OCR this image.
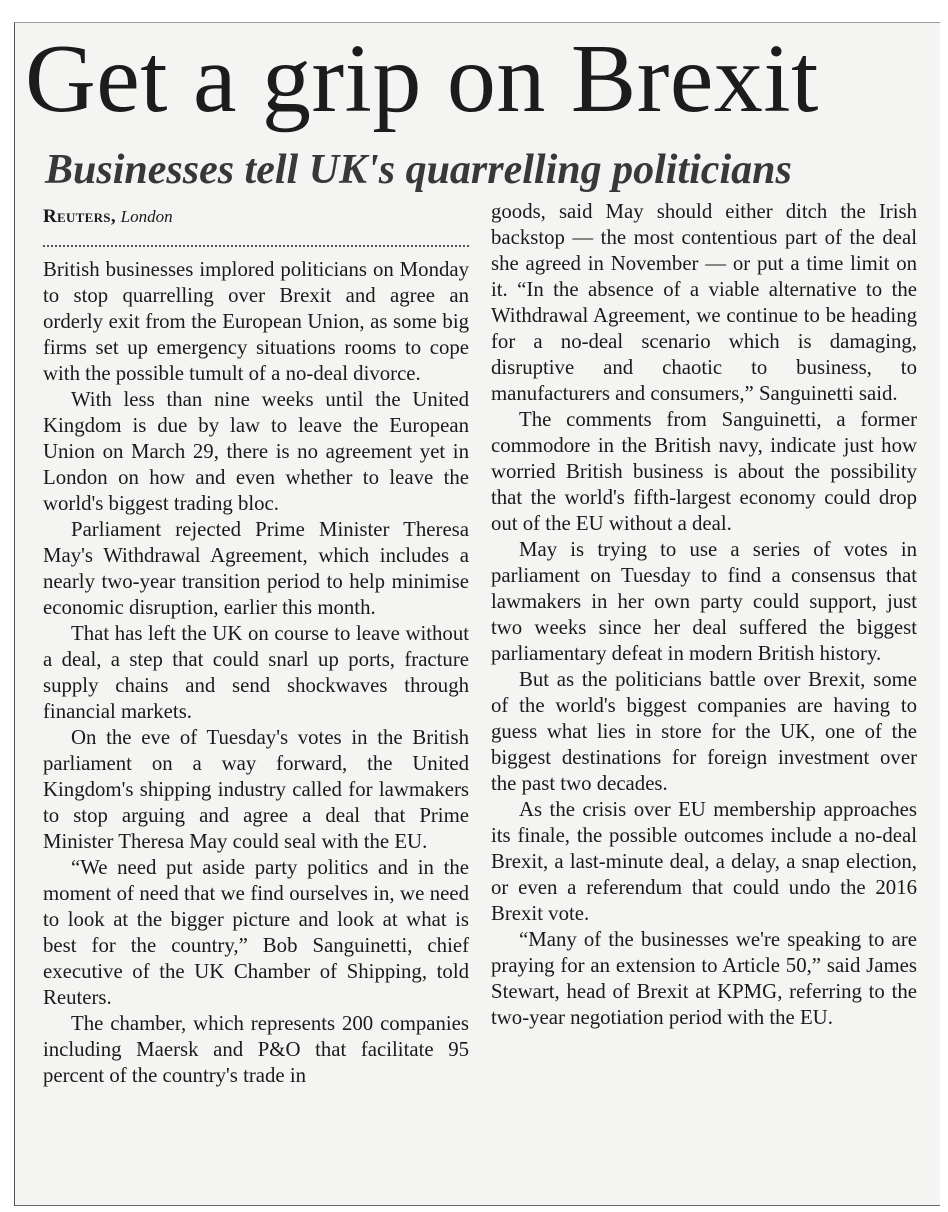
Get a grip on Brexit
Businesses tell UK's quarrelling politicians
Reuters, London

British businesses implored politicians on Monday to stop quarrelling over Brexit and agree an orderly exit from the European Union, as some big firms set up emergency situations rooms to cope with the possible tumult of a no-deal divorce.

With less than nine weeks until the United Kingdom is due by law to leave the European Union on March 29, there is no agreement yet in London on how and even whether to leave the world's biggest trading bloc.

Parliament rejected Prime Minister Theresa May's Withdrawal Agreement, which includes a nearly two-year transition period to help minimise economic disruption, earlier this month.

That has left the UK on course to leave without a deal, a step that could snarl up ports, fracture supply chains and send shockwaves through financial markets.

On the eve of Tuesday's votes in the British parliament on a way forward, the United Kingdom's shipping industry called for lawmakers to stop arguing and agree a deal that Prime Minister Theresa May could seal with the EU.

“We need put aside party politics and in the moment of need that we find ourselves in, we need to look at the bigger picture and look at what is best for the country,” Bob Sanguinetti, chief executive of the UK Chamber of Shipping, told Reuters.

The chamber, which represents 200 companies including Maersk and P&O that facilitate 95 percent of the country's trade in

goods, said May should either ditch the Irish backstop — the most contentious part of the deal she agreed in November — or put a time limit on it. “In the absence of a viable alternative to the Withdrawal Agreement, we continue to be heading for a no-deal scenario which is damaging, disruptive and chaotic to business, to manufacturers and consumers,” Sanguinetti said.

The comments from Sanguinetti, a former commodore in the British navy, indicate just how worried British business is about the possibility that the world's fifth-largest economy could drop out of the EU without a deal.

May is trying to use a series of votes in parliament on Tuesday to find a consensus that lawmakers in her own party could support, just two weeks since her deal suffered the biggest parliamentary defeat in modern British history.

But as the politicians battle over Brexit, some of the world's biggest companies are having to guess what lies in store for the UK, one of the biggest destinations for foreign investment over the past two decades.

As the crisis over EU membership approaches its finale, the possible outcomes include a no-deal Brexit, a last-minute deal, a delay, a snap election, or even a referendum that could undo the 2016 Brexit vote.

“Many of the businesses we're speaking to are praying for an extension to Article 50,” said James Stewart, head of Brexit at KPMG, referring to the two-year negotiation period with the EU.
